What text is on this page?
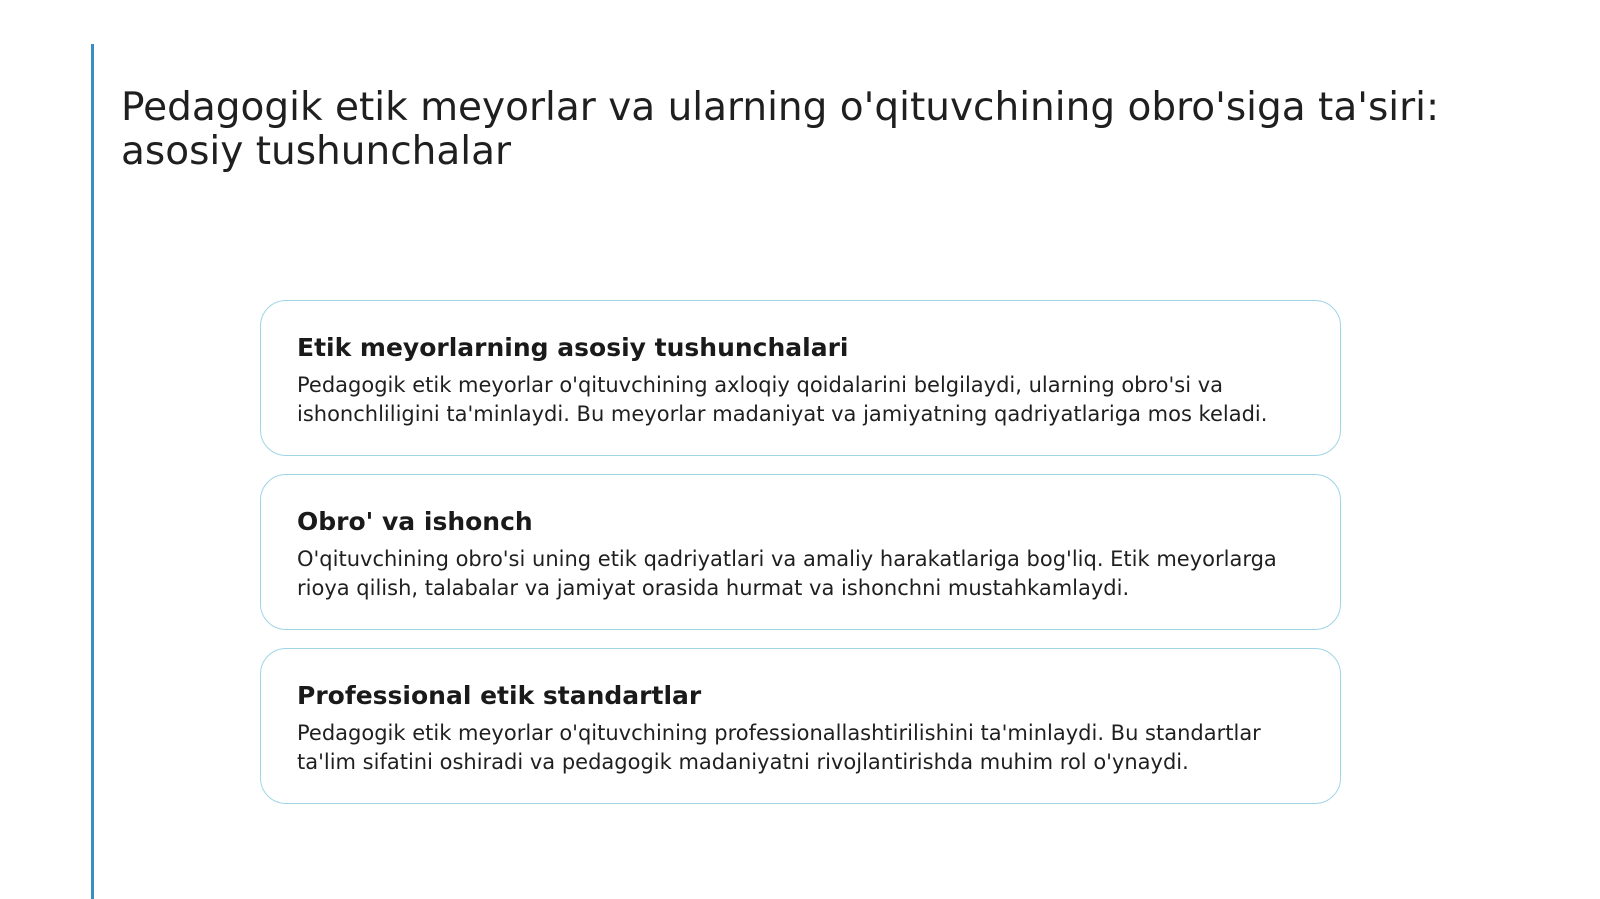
Pedagogik etik meyorlar va ularning o'qituvchining obro'siga ta'siri: asosiy tushunchalar

Etik meyorlarning asosiy tushunchalari

Pedagogik etik meyorlar o'qituvchining axloqiy qoidalarini belgilaydi, ularning obro'si va ishonchliligini ta'minlaydi. Bu meyorlar madaniyat va jamiyatning qadriyatlariga mos keladi.

Obro' va ishonch

O'qituvchining obro'si uning etik qadriyatlari va amaliy harakatlariga bog'liq. Etik meyorlarga rioya qilish, talabalar va jamiyat orasida hurmat va ishonchni mustahkamlaydi.

Professional etik standartlar

Pedagogik etik meyorlar o'qituvchining professionallashtirilishini ta'minlaydi. Bu standartlar ta'lim sifatini oshiradi va pedagogik madaniyatni rivojlantirishda muhim rol o'ynaydi.
